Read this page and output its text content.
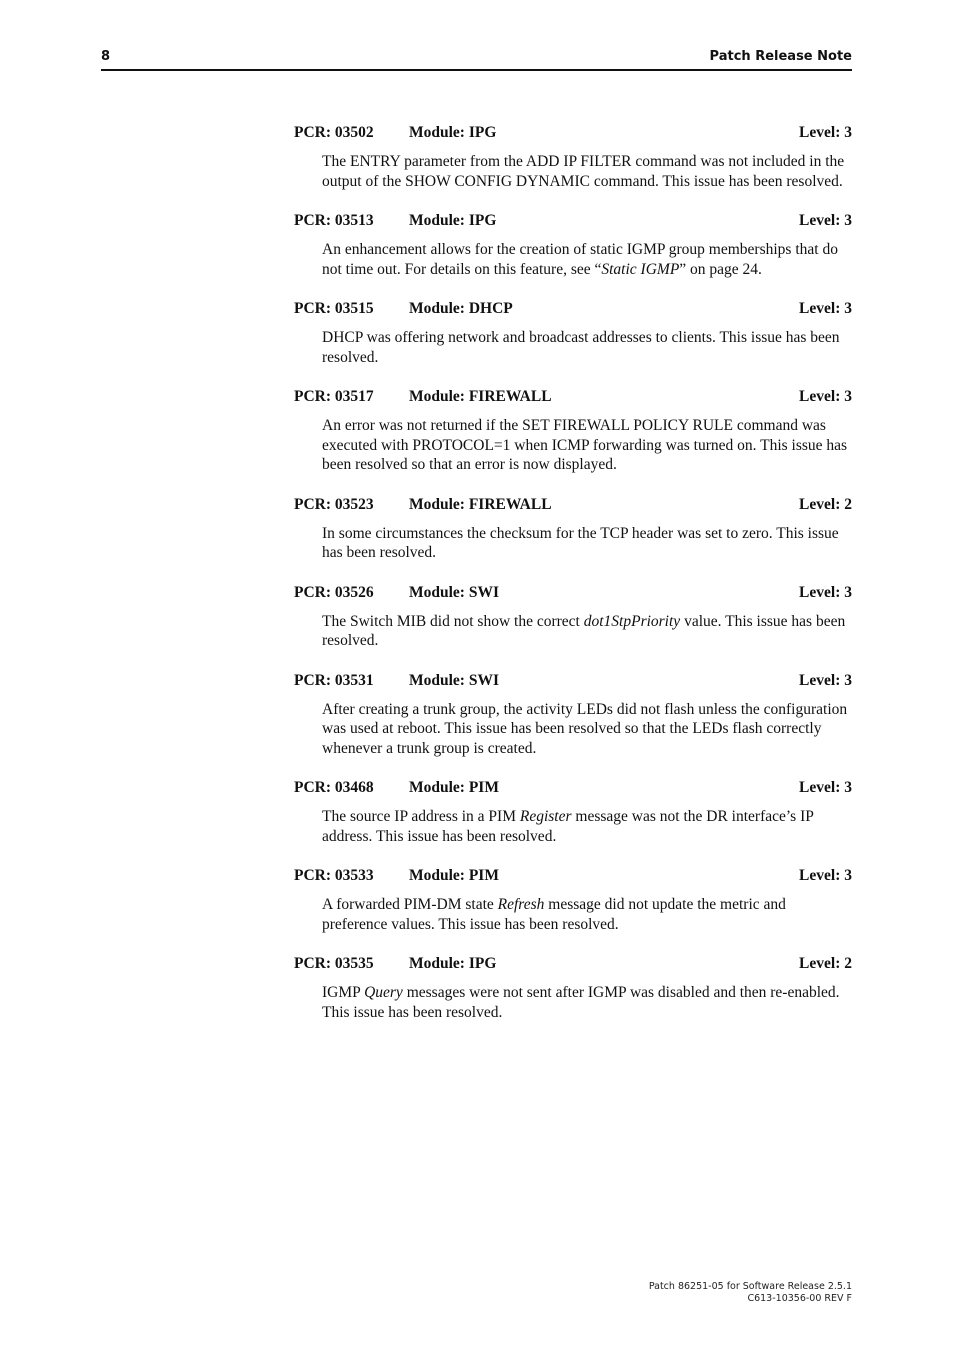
8	Patch Release Note
PCR: 03502 Module: IPG	Level: 3

The ENTRY parameter from the ADD IP FILTER command was not included in the output of the SHOW CONFIG DYNAMIC command. This issue has been resolved.

PCR: 03513 Module: IPG	Level: 3

An enhancement allows for the creation of static IGMP group memberships that do not time out. For details on this feature, see “Static IGMP” on page 24.

PCR: 03515 Module: DHCP	Level: 3

DHCP was offering network and broadcast addresses to clients. This issue has been resolved.

PCR: 03517 Module: FIREWALL	Level: 3

An error was not returned if the SET FIREWALL POLICY RULE command was executed with PROTOCOL=1 when ICMP forwarding was turned on. This issue has been resolved so that an error is now displayed.

PCR: 03523 Module: FIREWALL	Level: 2

In some circumstances the checksum for the TCP header was set to zero. This issue has been resolved.

PCR: 03526 Module: SWI	Level: 3

The Switch MIB did not show the correct dot1StpPriority value. This issue has been resolved.

PCR: 03531 Module: SWI	Level: 3

After creating a trunk group, the activity LEDs did not flash unless the configuration was used at reboot. This issue has been resolved so that the LEDs flash correctly whenever a trunk group is created.

PCR: 03468 Module: PIM	Level: 3

The source IP address in a PIM Register message was not the DR interface’s IP address. This issue has been resolved.

PCR: 03533 Module: PIM	Level: 3

A forwarded PIM-DM state Refresh message did not update the metric and preference values. This issue has been resolved.

PCR: 03535 Module: IPG	Level: 2

IGMP Query messages were not sent after IGMP was disabled and then re-enabled. This issue has been resolved.

Patch 86251-05 for Software Release 2.5.1
C613-10356-00 REV F
